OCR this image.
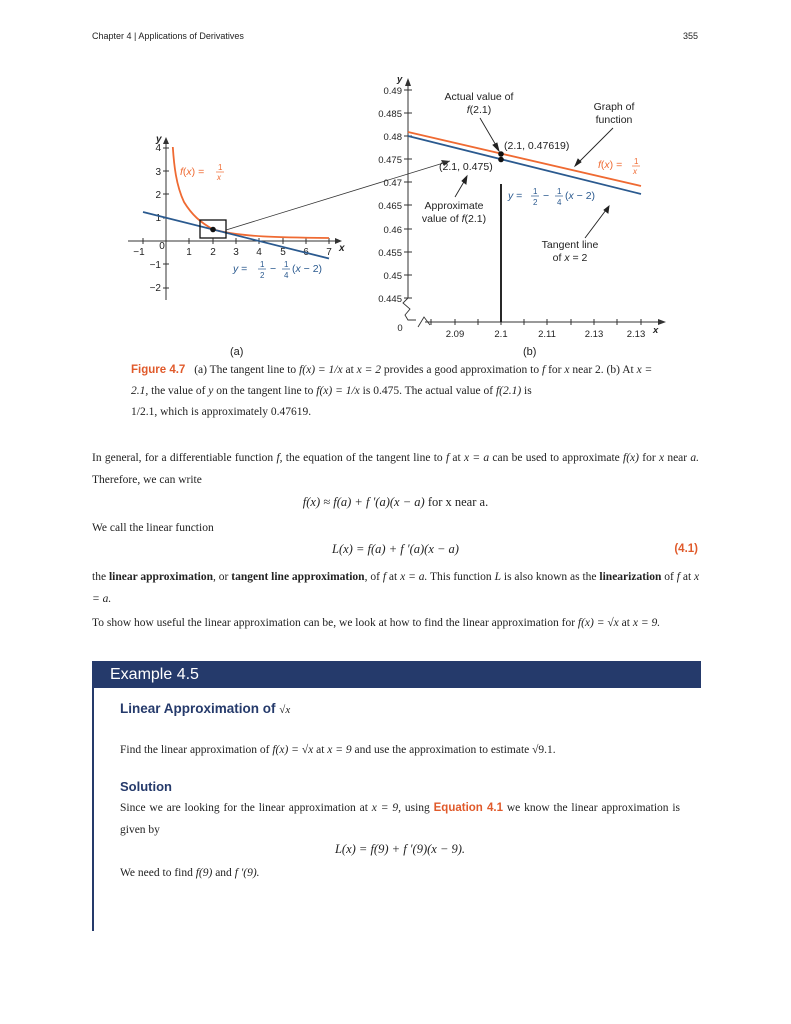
Chapter 4 | Applications of Derivatives	355
−1
0
1 2 3 4 5	7 x
4
3
2
1
−1
−2
y
f(x) = 1
x
y = 1
2
− 1
4
(x − 2)
0.49
0.485
0.48
0.475
0.47
0.465
0.46
0.455
0.45
0.445
0
y
2.09	2.1	2.11	2.13 2.13 x
Actual value of
f(2.1)
(2.1, 0.47619)
(2.1, 0.475)
Approximate
value of f(2.1)
Graph of
function
Tangent line
of x = 2
f(x) = 1
x
y = 1
2
− 1
4
(x − 2)
(a)	(b)
Figure 4.7 (a) The tangent line to f(x) = 1/x at x = 2 provides a good approximation to f for x near 2. (b) At x = 2.1, the value of y on the tangent line to f(x) = 1/x is 0.475. The actual value of f(2.1) is
1/2.1, which is approximately 0.47619.
In general, for a differentiable function f, the equation of the tangent line to f at x = a can be used to approximate f(x) for x near a. Therefore, we can write
f(x) ≈ f(a) + f ′(a)(x − a) for x near a.
We call the linear function
L(x) = f(a) + f ′(a)(x − a)	(4.1)
the linear approximation, or tangent line approximation, of f at x = a. This function L is also known as the linearization of f at x = a.
To show how useful the linear approximation can be, we look at how to find the linear approximation for f(x) = √x at x = 9.
Example 4.5
Linear Approximation of √x
Find the linear approximation of f(x) = √x at x = 9 and use the approximation to estimate √9.1.
Solution
Since we are looking for the linear approximation at x = 9, using Equation 4.1 we know the linear approximation is given by
L(x) = f(9) + f ′(9)(x − 9).
We need to find f(9) and f ′(9).
